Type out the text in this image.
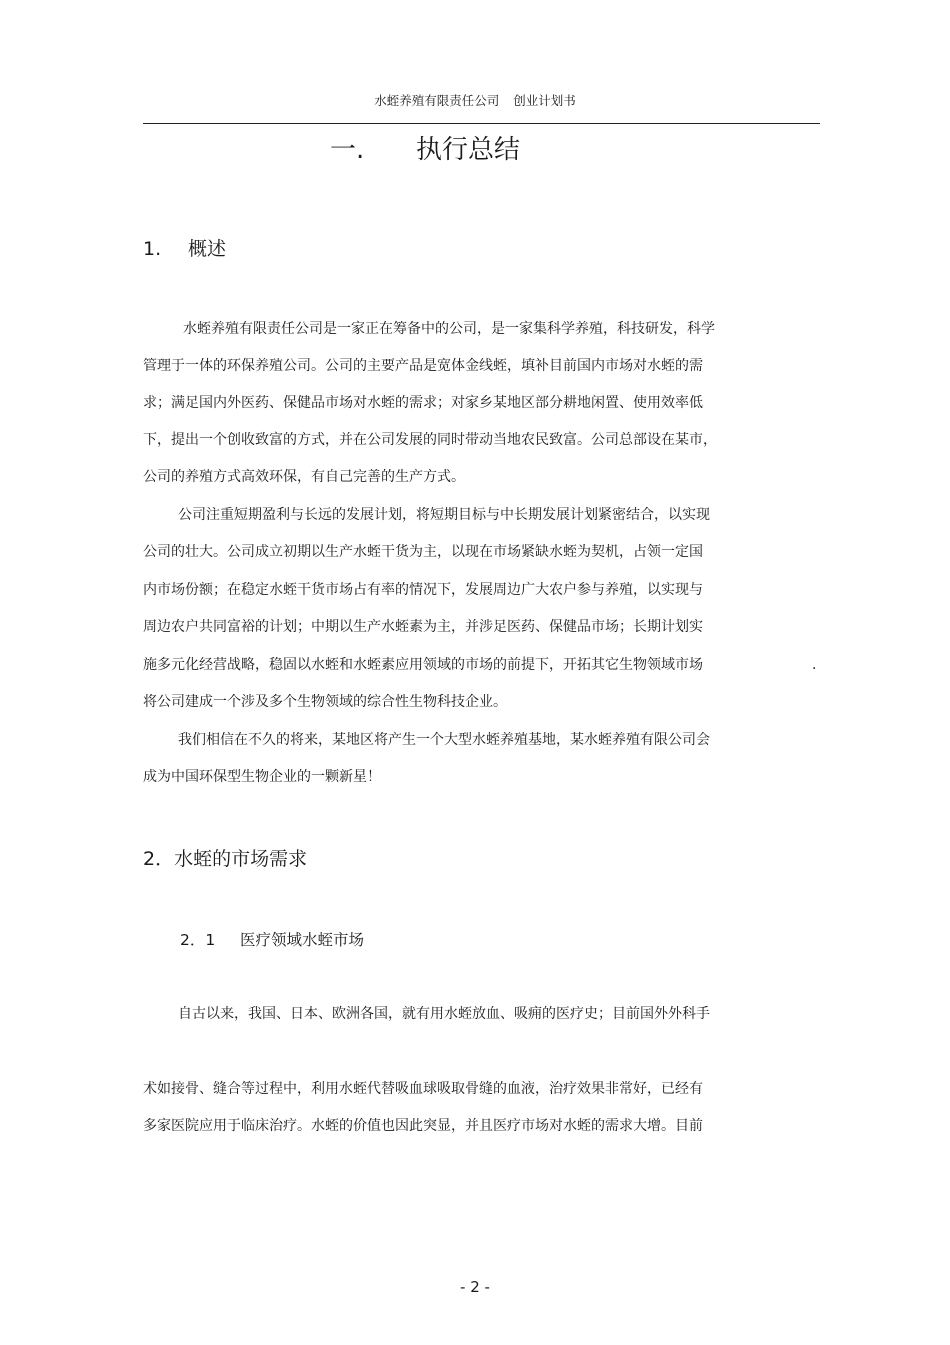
水蛭养殖有限责任公司 创业计划书
一. 执行总结
1. 概述
水蛭养殖有限责任公司是一家正在筹备中的公司，是一家集科学养殖，科技研发，科学
管理于一体的环保养殖公司。公司的主要产品是宽体金线蛭，填补目前国内市场对水蛭的需
求；满足国内外医药、保健品市场对水蛭的需求；对家乡某地区部分耕地闲置、使用效率低
下，提出一个创收致富的方式，并在公司发展的同时带动当地农民致富。公司总部设在某市，
公司的养殖方式高效环保，有自己完善的生产方式。
公司注重短期盈利与长远的发展计划，将短期目标与中长期发展计划紧密结合，以实现
公司的壮大。公司成立初期以生产水蛭干货为主，以现在市场紧缺水蛭为契机，占领一定国
内市场份额；在稳定水蛭干货市场占有率的情况下，发展周边广大农户参与养殖，以实现与
周边农户共同富裕的计划；中期以生产水蛭素为主，并涉足医药、保健品市场；长期计划实
施多元化经营战略，稳固以水蛭和水蛭素应用领域的市场的前提下，开拓其它生物领域市场	.
将公司建成一个涉及多个生物领域的综合性生物科技企业。
我们相信在不久的将来，某地区将产生一个大型水蛭养殖基地，某水蛭养殖有限公司会
成为中国环保型生物企业的一颗新星！
2．水蛭的市场需求
2．1 医疗领域水蛭市场
自古以来，我国、日本、欧洲各国，就有用水蛭放血、吸痈的医疗史；目前国外外科手
术如接骨、缝合等过程中，利用水蛭代替吸血球吸取骨缝的血液，治疗效果非常好，已经有
多家医院应用于临床治疗。水蛭的价值也因此突显，并且医疗市场对水蛭的需求大增。目前
- 2 -
